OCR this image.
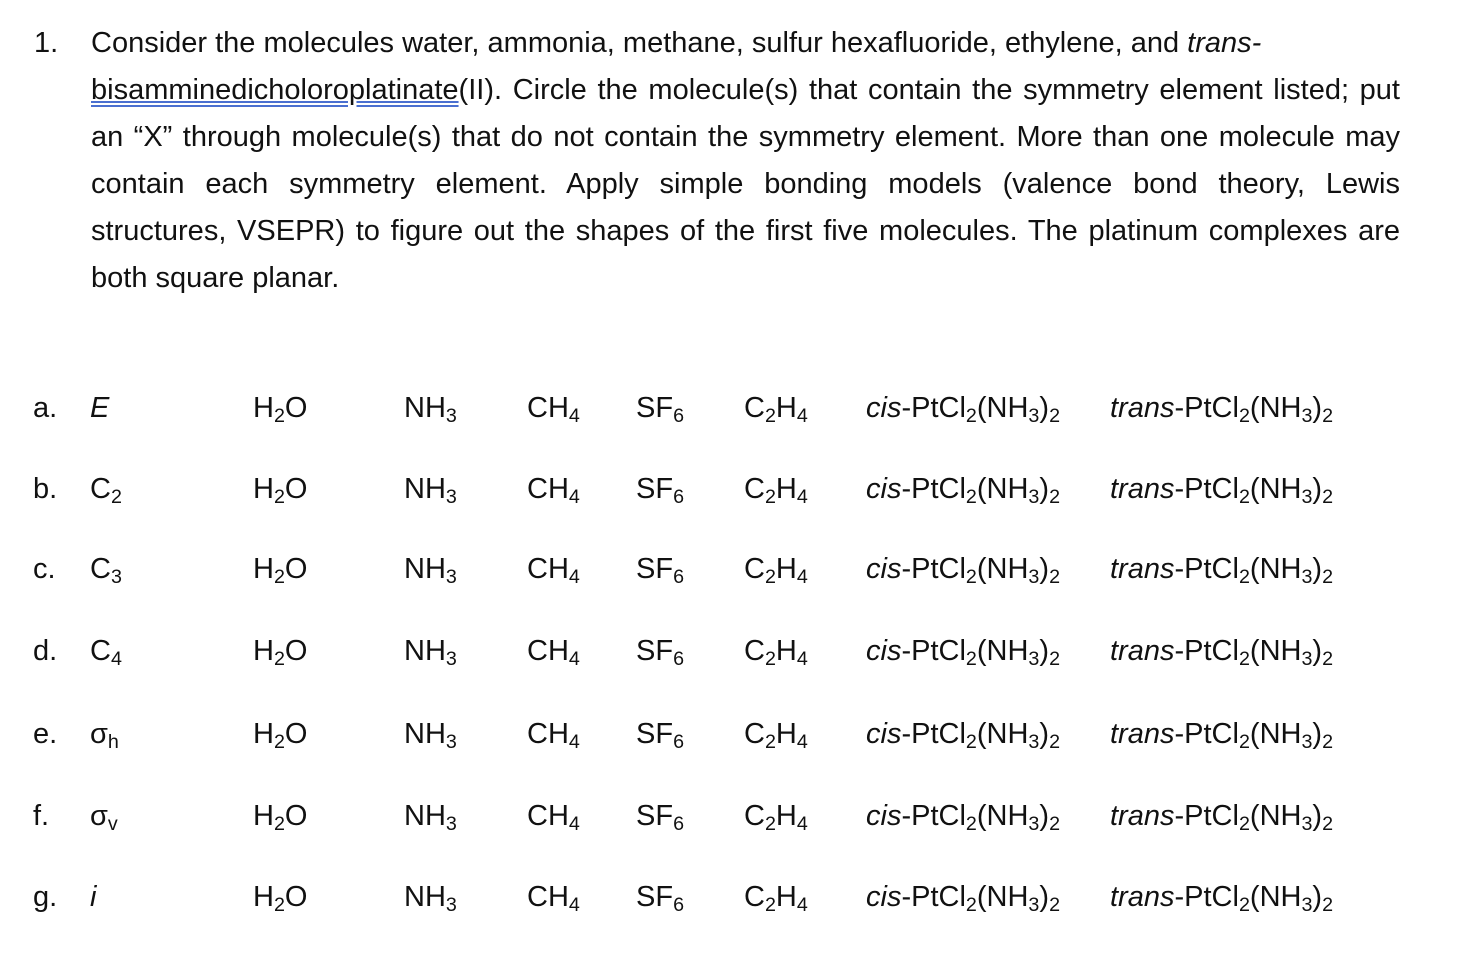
1. Consider the molecules water, ammonia, methane, sulfur hexafluoride, ethylene, and trans-
bisamminedicholoroplatinate(II). Circle the molecule(s) that contain the symmetry element listed; put an “X” through molecule(s) that do not contain the symmetry element. More than one molecule may contain each symmetry element. Apply simple bonding models (valence bond theory, Lewis structures, VSEPR) to figure out the shapes of the first five molecules. The platinum complexes are both square planar.
a. E	$H_2O$	$NH_3$ $CH_4$ $SF_6$ $C_2H_4$ cis-$PtCl_2(NH_3)_2$ trans-$PtCl_2(NH_3)_2$
b. $C_2$	$H_2O$	$NH_3$ $CH_4$ $SF_6$ $C_2H_4$ cis-$PtCl_2(NH_3)_2$ trans-$PtCl_2(NH_3)_2$
c. $C_3$	$H_2O$	$NH_3$ $CH_4$ $SF_6$ $C_2H_4$ cis-$PtCl_2(NH_3)_2$ trans-$PtCl_2(NH_3)_2$
d. $C_4$	$H_2O$	$NH_3$ $CH_4$ $SF_6$ $C_2H_4$ cis-$PtCl_2(NH_3)_2$ trans-$PtCl_2(NH_3)_2$
e. $\sigma_h$	$H_2O$	$NH_3$ $CH_4$ $SF_6$ $C_2H_4$ cis-$PtCl_2(NH_3)_2$ trans-$PtCl_2(NH_3)_2$
f. $\sigma_v$	$H_2O$	$NH_3$ $CH_4$ $SF_6$ $C_2H_4$ cis-$PtCl_2(NH_3)_2$ trans-$PtCl_2(NH_3)_2$
g. i	$H_2O$	$NH_3$ $CH_4$ $SF_6$ $C_2H_4$ cis-$PtCl_2(NH_3)_2$ trans-$PtCl_2(NH_3)_2$
